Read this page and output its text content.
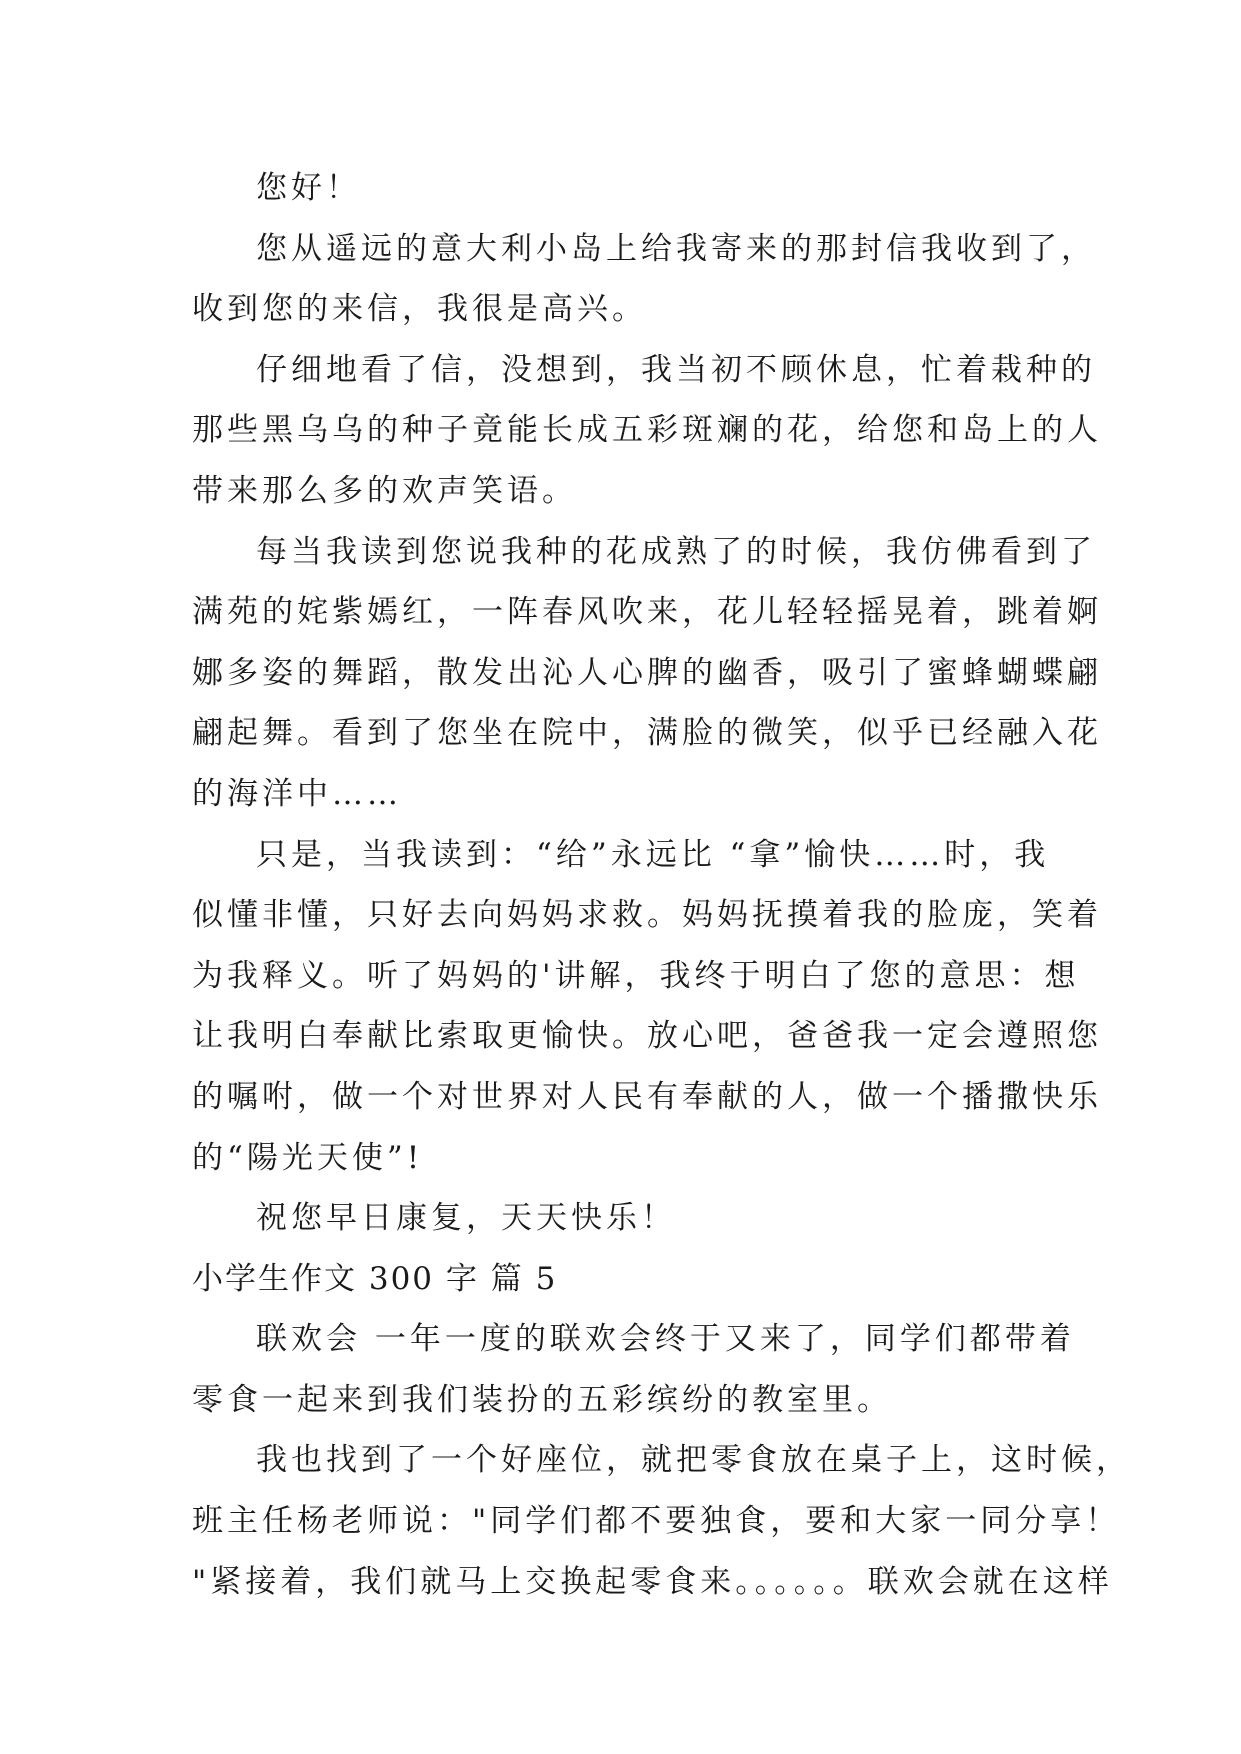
您好！
您从遥远的意大利小岛上给我寄来的那封信我收到了，
收到您的来信，我很是高兴。
仔细地看了信，没想到，我当初不顾休息，忙着栽种的
那些黑乌乌的种子竟能长成五彩斑斓的花，给您和岛上的人
带来那么多的欢声笑语。
每当我读到您说我种的花成熟了的时候，我仿佛看到了
满苑的姹紫嫣红，一阵春风吹来，花儿轻轻摇晃着，跳着婀
娜多姿的舞蹈，散发出沁人心脾的幽香，吸引了蜜蜂蝴蝶翩
翩起舞。看到了您坐在院中，满脸的微笑，似乎已经融入花
的海洋中……
只是，当我读到：“给”永远比 “拿”愉快……时，我
似懂非懂，只好去向妈妈求救。妈妈抚摸着我的脸庞，笑着
为我释义。听了妈妈的'讲解，我终于明白了您的意思：想
让我明白奉献比索取更愉快。放心吧，爸爸我一定会遵照您
的嘱咐，做一个对世界对人民有奉献的人，做一个播撒快乐
的“陽光天使”!
祝您早日康复，天天快乐！
小学生作文 300 字 篇 5
联欢会 一年一度的联欢会终于又来了，同学们都带着
零食一起来到我们装扮的五彩缤纷的教室里。
我也找到了一个好座位，就把零食放在桌子上，这时候，
班主任杨老师说："同学们都不要独食，要和大家一同分享！
"紧接着，我们就马上交换起零食来。。。。。。联欢会就在这样
